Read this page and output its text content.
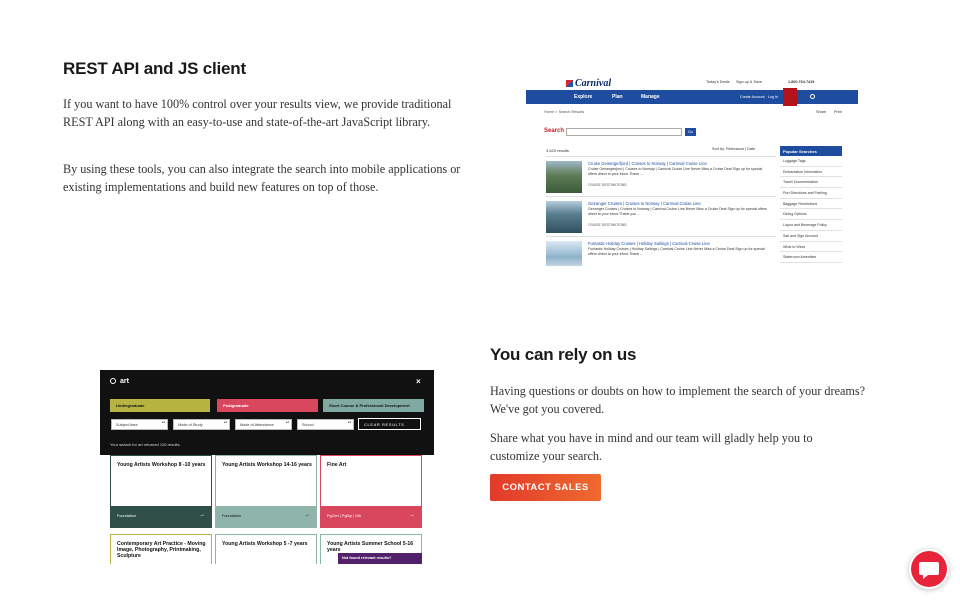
REST API and JS client
If you want to have 100% control over your results view, we provide traditional REST API along with an easy-to-use and state-of-the-art JavaScript library.
By using these tools, you can also integrate the search into mobile applications or existing implementations and build new features on top of those.
Carnival	Today's Deals Sign up & Save	1.800.764.7419
Explore	Plan	Manage	Create Account Log In
Home > Search Results	Share Print
Search	Go
3,620 results	Sort by: Relevance | Date
Cruise Geirangerfjord | Cruises to Norway | Carnival Cruise Line
Cruise Geirangerfjord | Cruises to Norway | Carnival Cruise Line Never Miss a Cruise Deal Sign up for special offers direct to your inbox Thank ...
CRUISE DESTINATIONS
Geiranger Cruises | Cruises to Norway | Carnival Cruise Line
Geiranger Cruises | Cruises to Norway | Carnival Cruise Line Never Miss a Cruise Deal Sign up for special offers direct to your inbox Thank you ...
CRUISE DESTINATIONS
Funtastic Holiday Cruises | Holiday Sailings | Carnival Cruise Line
Funtastic Holiday Cruises | Holiday Sailings | Carnival Cruise Line Never Miss a Cruise Deal Sign up for special offers direct to your inbox Thank ...
Popular Searches
Luggage Tags
Embarkation Information
Travel Documentation
Port Directions and Parking
Baggage Restrictions
Dining Options
Liquor and Beverage Policy
Sail and Sign Account
What to Wear
Stateroom Amenities
art	×
Undergraduate	Postgraduate	Short Course & Professional Development
Subject Area ▴▾	Mode of Study ▴▾	Mode of Attendance ▴▾	School ▴▾	CLEAR RESULTS
Your search for art returned 120 results.
Young Artists Workshop 8 -10 years
Foundation	→
Young Artists Workshop 14-16 years
Foundation	→
Fine Art
PgCert | PgDip | MA	→
Contemporary Art Practice - Moving Image, Photography, Printmaking, Sculpture
Young Artists Workshop 5 -7 years	Young Artists Summer School 5-16 years
Not found relevant results?
You can rely on us
Having questions or doubts on how to implement the search of your dreams? We've got you covered.
Share what you have in mind and our team will gladly help you to customize your search.
CONTACT SALES
